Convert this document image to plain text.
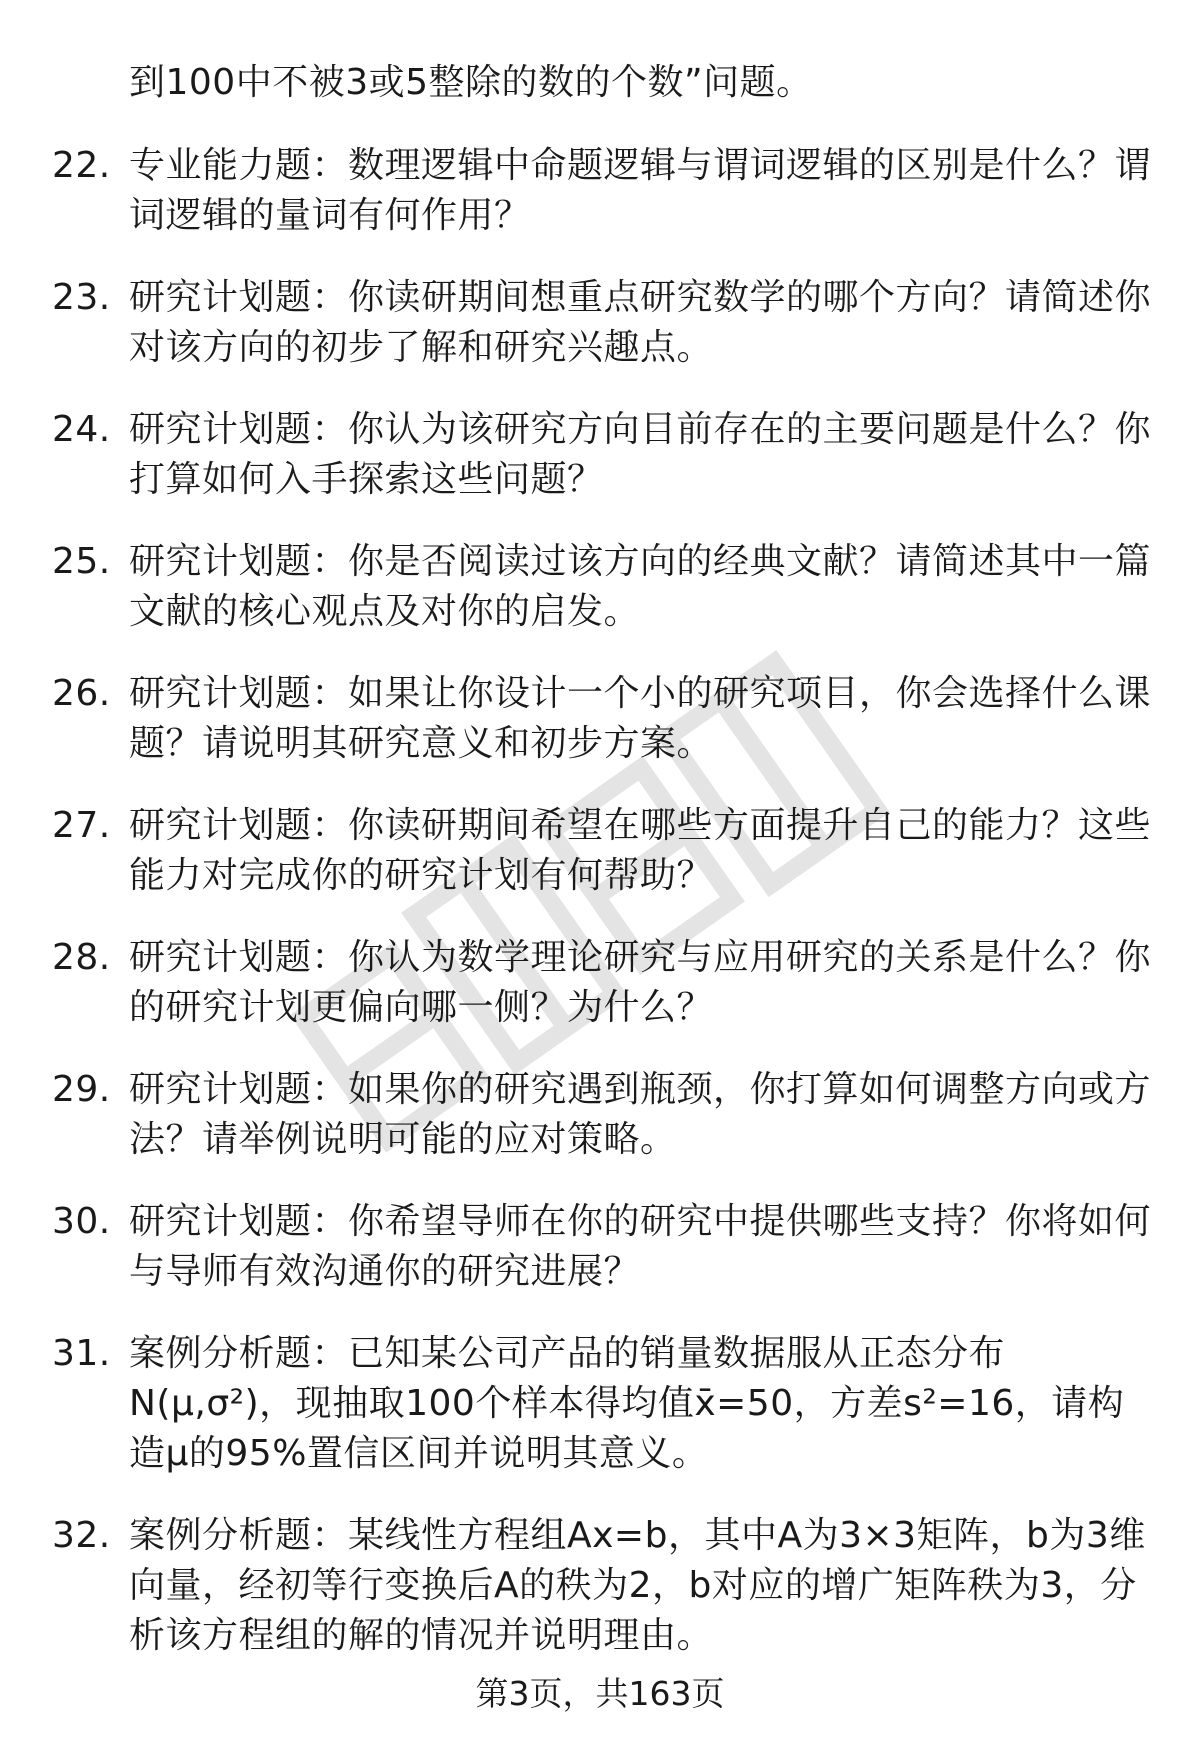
到100中不被3或5整除的数的个数”问题。
22. 专业能力题：数理逻辑中命题逻辑与谓词逻辑的区别是什么？谓词逻辑的量词有何作用？
23. 研究计划题：你读研期间想重点研究数学的哪个方向？请简述你对该方向的初步了解和研究兴趣点。
24. 研究计划题：你认为该研究方向目前存在的主要问题是什么？你打算如何入手探索这些问题？
25. 研究计划题：你是否阅读过该方向的经典文献？请简述其中一篇文献的核心观点及对你的启发。
26. 研究计划题：如果让你设计一个小的研究项目，你会选择什么课题？请说明其研究意义和初步方案。
27. 研究计划题：你读研期间希望在哪些方面提升自己的能力？这些能力对完成你的研究计划有何帮助？
28. 研究计划题：你认为数学理论研究与应用研究的关系是什么？你的研究计划更偏向哪一侧？为什么？
29. 研究计划题：如果你的研究遇到瓶颈，你打算如何调整方向或方法？请举例说明可能的应对策略。
30. 研究计划题：你希望导师在你的研究中提供哪些支持？你将如何与导师有效沟通你的研究进展？
31. 案例分析题：已知某公司产品的销量数据服从正态分布N(μ,σ²)，现抽取100个样本得均值x̄=50，方差s²=16，请构造μ的95%置信区间并说明其意义。
32. 案例分析题：某线性方程组Ax=b，其中A为3×3矩阵，b为3维向量，经初等行变换后A的秩为2，b对应的增广矩阵秩为3，分析该方程组的解的情况并说明理由。
第3页，共163页
